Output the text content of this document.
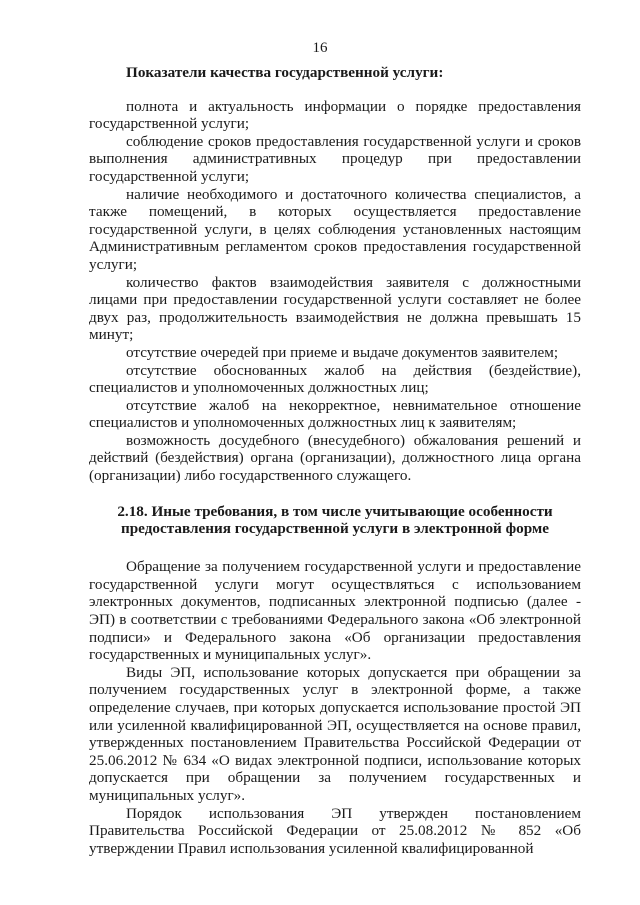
16
Показатели качества государственной услуги:

полнота и актуальность информации о порядке предоставления государственной услуги;

соблюдение сроков предоставления государственной услуги и сроков выполнения административных процедур при предоставлении государственной услуги;

наличие необходимого и достаточного количества специалистов, а также помещений, в которых осуществляется предоставление государственной услуги, в целях соблюдения установленных настоящим Административным регламентом сроков предоставления государственной услуги;

количество фактов взаимодействия заявителя с должностными лицами при предоставлении государственной услуги составляет не более двух раз, продолжительность взаимодействия не должна превышать 15 минут;

отсутствие очередей при приеме и выдаче документов заявителем;

отсутствие обоснованных жалоб на действия (бездействие), специалистов и уполномоченных должностных лиц;

отсутствие жалоб на некорректное, невнимательное отношение специалистов и уполномоченных должностных лиц к заявителям;

возможность досудебного (внесудебного) обжалования решений и действий (бездействия) органа (организации), должностного лица органа (организации) либо государственного служащего.

2.18. Иные требования, в том числе учитывающие особенности предоставления государственной услуги в электронной форме

Обращение за получением государственной услуги и предоставление государственной услуги могут осуществляться с использованием электронных документов, подписанных электронной подписью (далее - ЭП) в соответствии с требованиями Федерального закона «Об электронной подписи» и Федерального закона «Об организации предоставления государственных и муниципальных услуг».

Виды ЭП, использование которых допускается при обращении за получением государственных услуг в электронной форме, а также определение случаев, при которых допускается использование простой ЭП или усиленной квалифицированной ЭП, осуществляется на основе правил, утвержденных постановлением Правительства Российской Федерации от 25.06.2012 № 634 «О видах электронной подписи, использование которых допускается при обращении за получением государственных и муниципальных услуг».

Порядок использования ЭП утвержден постановлением Правительства Российской Федерации от 25.08.2012 № 852 «Об утверждении Правил использования усиленной квалифицированной
